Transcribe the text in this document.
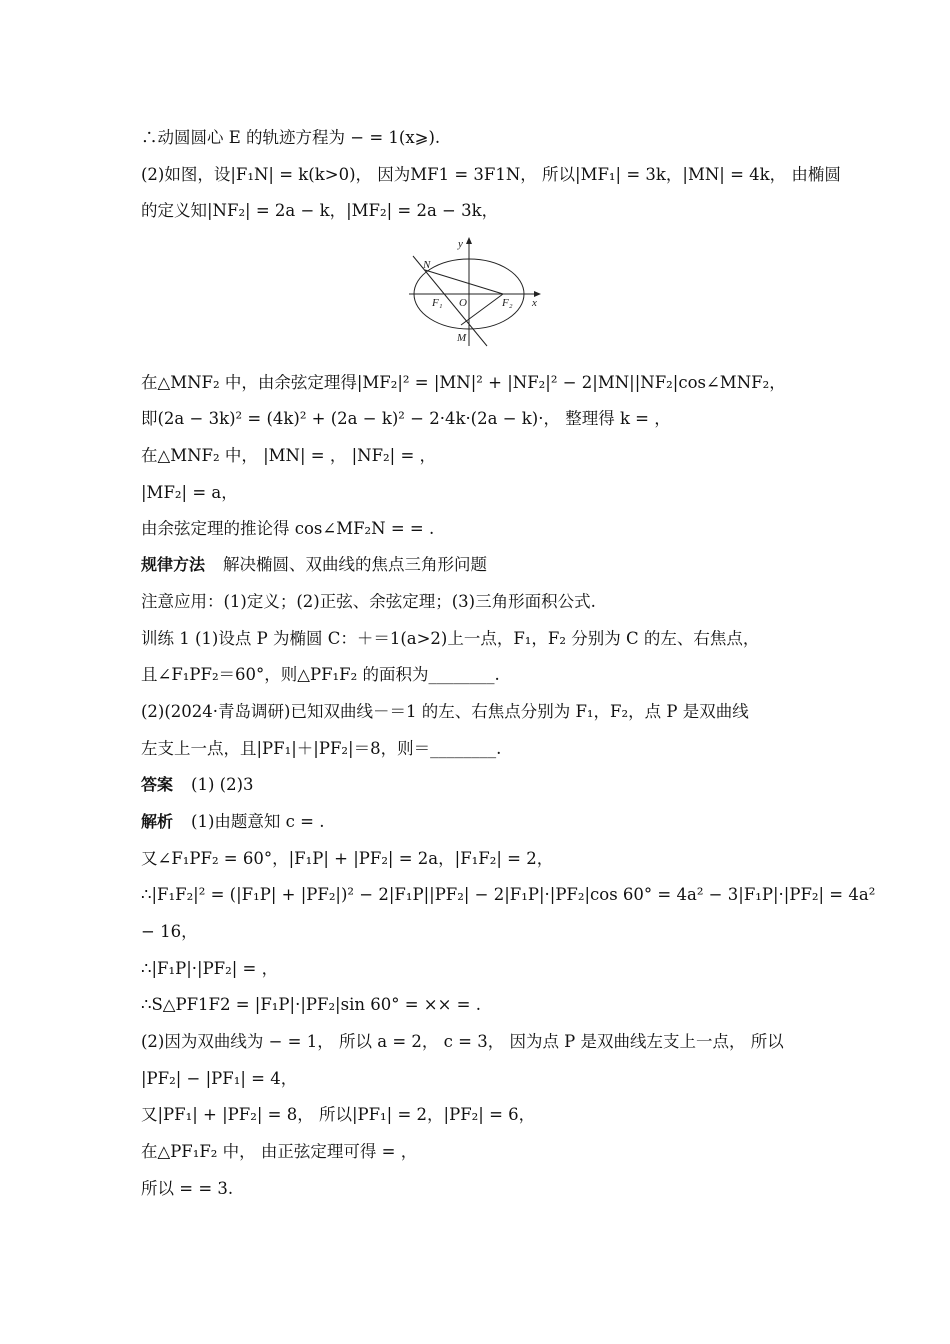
∴动圆圆心 E 的轨迹方程为 − = 1(x⩾).
(2)如图，设|F₁N| = k(k>0)， 因为MF1 = 3F1N， 所以|MF₁| = 3k，|MN| = 4k， 由椭圆
的定义知|NF₂| = 2a − k，|MF₂| = 2a − 3k，
y
x
N
M
O
F₁	F₂
在△MNF₂ 中，由余弦定理得|MF₂|² = |MN|² + |NF₂|² − 2|MN||NF₂|cos∠MNF₂，
即(2a − 3k)² = (4k)² + (2a − k)² − 2·4k·(2a − k)·， 整理得 k = ，
在△MNF₂ 中， |MN| = ， |NF₂| = ，
|MF₂| = a，
由余弦定理的推论得 cos∠MF₂N = = .
规律方法 解决椭圆、双曲线的焦点三角形问题
注意应用：(1)定义；(2)正弦、余弦定理；(3)三角形面积公式.
训练 1 (1)设点 P 为椭圆 C：＋＝1(a>2)上一点，F₁，F₂ 分别为 C 的左、右焦点，
且∠F₁PF₂＝60°，则△PF₁F₂ 的面积为________.
(2)(2024·青岛调研)已知双曲线－＝1 的左、右焦点分别为 F₁，F₂，点 P 是双曲线
左支上一点，且|PF₁|＋|PF₂|＝8，则＝________.
答案 (1) (2)3
解析 (1)由题意知 c = .
又∠F₁PF₂ = 60°，|F₁P| + |PF₂| = 2a，|F₁F₂| = 2，
∴|F₁F₂|² = (|F₁P| + |PF₂|)² − 2|F₁P||PF₂| − 2|F₁P|·|PF₂|cos 60° = 4a² − 3|F₁P|·|PF₂| = 4a²
− 16，
∴|F₁P|·|PF₂| = ，
∴S△PF1F2 = |F₁P|·|PF₂|sin 60° = ×× = .
(2)因为双曲线为 − = 1， 所以 a = 2， c = 3， 因为点 P 是双曲线左支上一点， 所以
|PF₂| − |PF₁| = 4，
又|PF₁| + |PF₂| = 8， 所以|PF₁| = 2，|PF₂| = 6，
在△PF₁F₂ 中， 由正弦定理可得 = ，
所以 = = 3.
